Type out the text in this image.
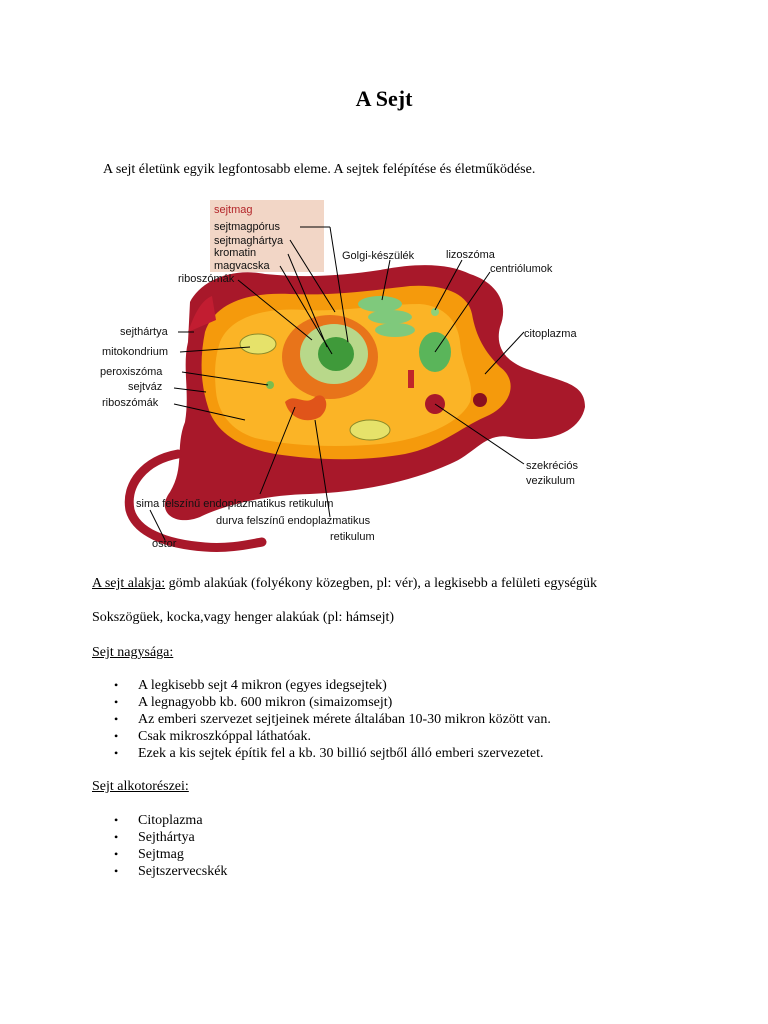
A Sejt
A sejt életünk egyik legfontosabb eleme. A sejtek felépítése és életműködése.
sejtmag
sejtmagpórus
sejtmaghártya
kromatin
magvacska
Golgi-készülék	lizoszóma
centriólumok
riboszómák
sejthártya
mitokondrium
peroxiszóma
sejtváz
riboszómák
citoplazma
szekréciós
vezikulum
sima felszínű endoplazmatikus retikulum
durva felszínű endoplazmatikus
retikulum
ostor
A sejt alakja: gömb alakúak (folyékony közegben, pl: vér), a legkisebb a felületi egységük
Sokszögüek, kocka,vagy henger alakúak (pl: hámsejt)
Sejt nagysága:
• A legkisebb sejt 4 mikron (egyes idegsejtek)
• A legnagyobb kb. 600 mikron (simaizomsejt)
• Az emberi szervezet sejtjeinek mérete általában 10-30 mikron között van.
• Csak mikroszkóppal láthatóak.
• Ezek a kis sejtek építik fel a kb. 30 billió sejtből álló emberi szervezetet.
Sejt alkotorészei:
• Citoplazma
• Sejthártya
• Sejtmag
• Sejtszervecskék
